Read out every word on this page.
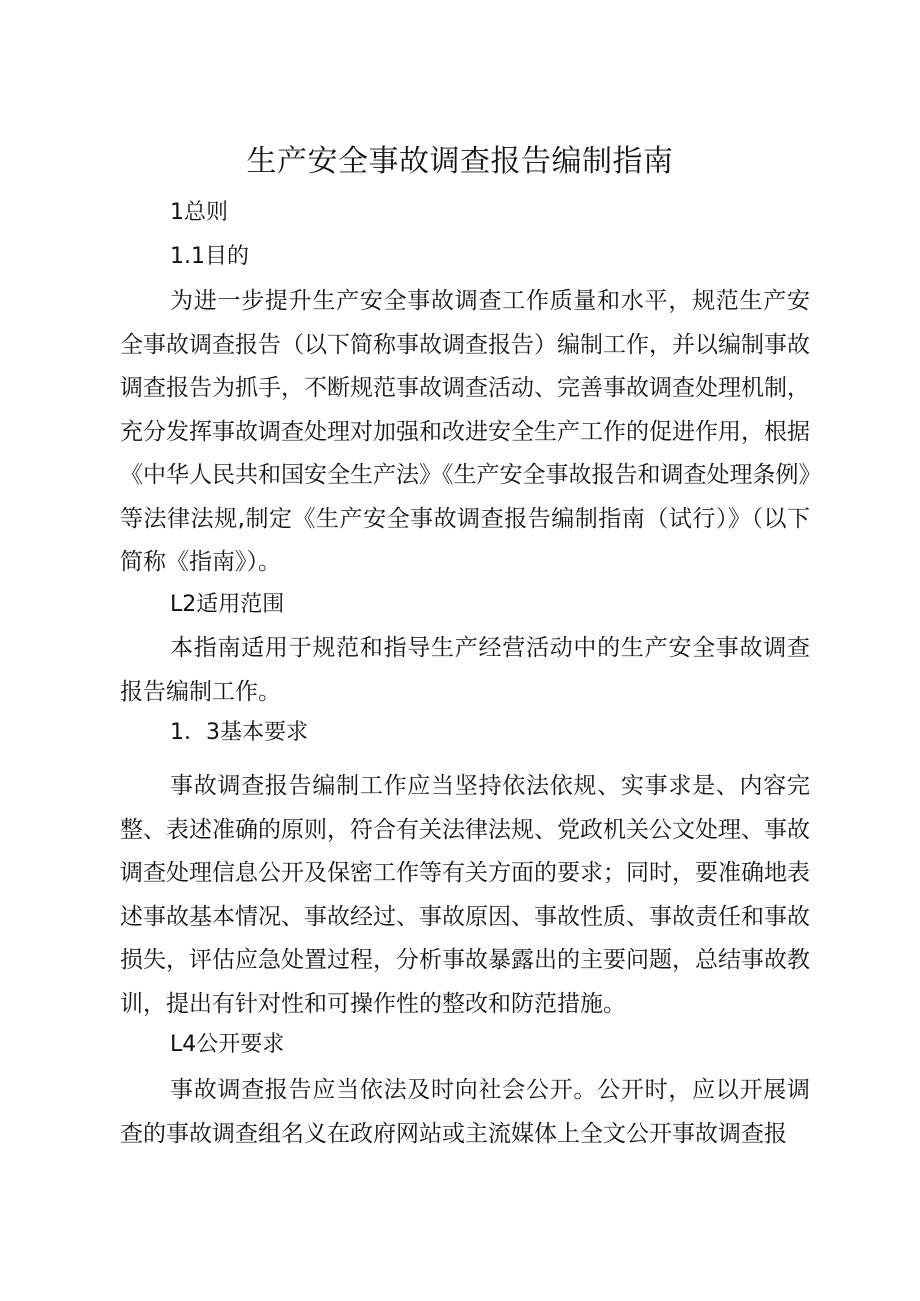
生产安全事故调查报告编制指南
1总则
1.1目的
为进一步提升生产安全事故调查工作质量和水平，规范生产安全事故调查报告（以下简称事故调查报告）编制工作，并以编制事故调查报告为抓手，不断规范事故调查活动、完善事故调查处理机制，充分发挥事故调查处理对加强和改进安全生产工作的促进作用，根据《中华人民共和国安全生产法》《生产安全事故报告和调查处理条例》等法律法规,制定《生产安全事故调查报告编制指南（试行）》（以下简称《指南》）。
L2适用范围
本指南适用于规范和指导生产经营活动中的生产安全事故调查报告编制工作。
1．3基本要求
事故调查报告编制工作应当坚持依法依规、实事求是、内容完整、表述准确的原则，符合有关法律法规、党政机关公文处理、事故调查处理信息公开及保密工作等有关方面的要求；同时，要准确地表述事故基本情况、事故经过、事故原因、事故性质、事故责任和事故损失，评估应急处置过程，分析事故暴露出的主要问题，总结事故教训，提出有针对性和可操作性的整改和防范措施。
L4公开要求
事故调查报告应当依法及时向社会公开。公开时，应以开展调查的事故调查组名义在政府网站或主流媒体上全文公开事故调查报
